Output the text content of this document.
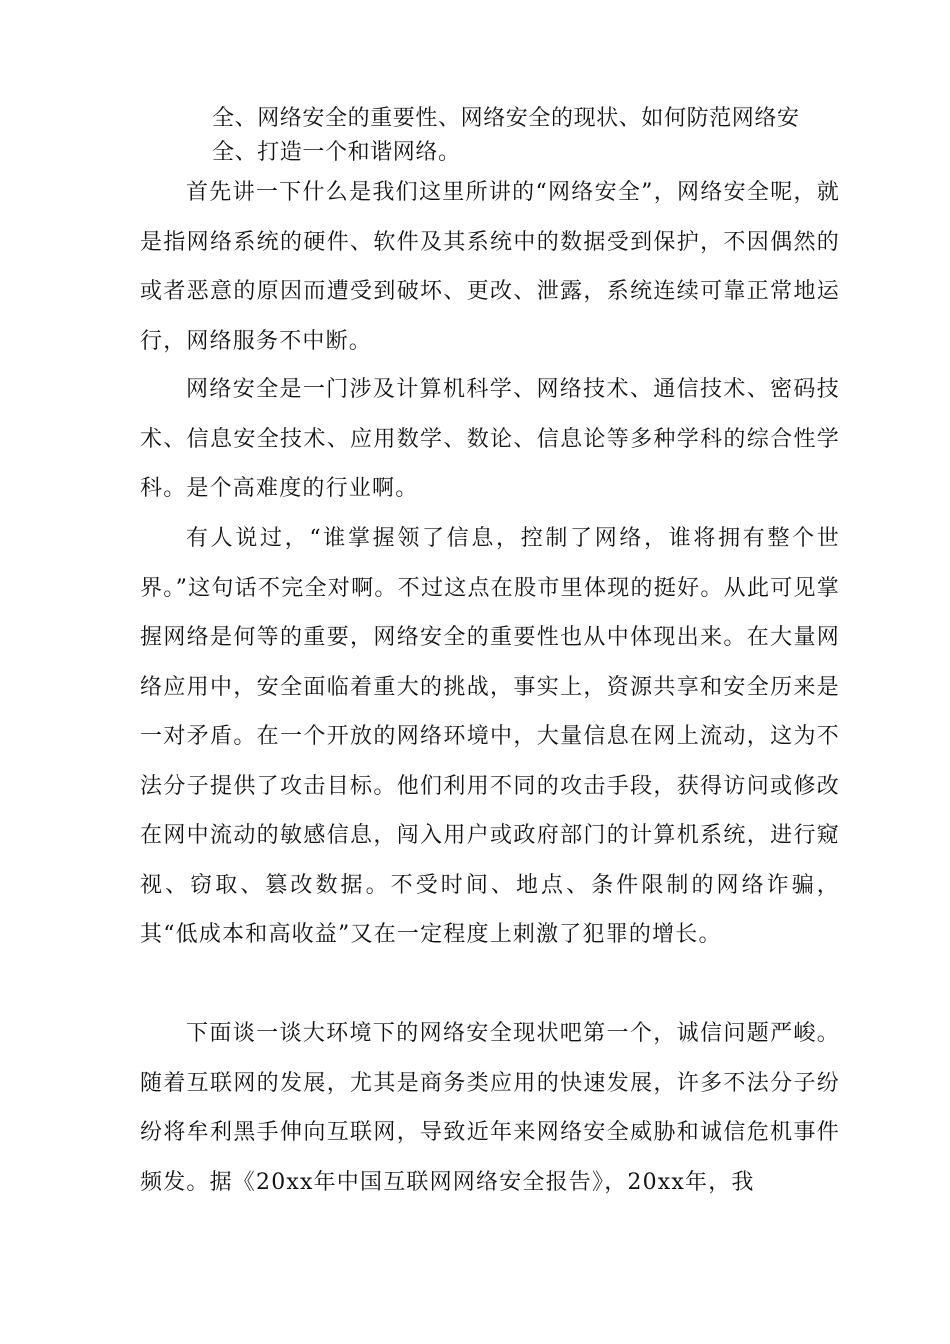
全、网络安全的重要性、网络安全的现状、如何防范网络安全、打造一个和谐网络。

首先讲一下什么是我们这里所讲的“网络安全”，网络安全呢，就是指网络系统的硬件、软件及其系统中的数据受到保护，不因偶然的或者恶意的原因而遭受到破坏、更改、泄露，系统连续可靠正常地运行，网络服务不中断。

网络安全是一门涉及计算机科学、网络技术、通信技术、密码技术、信息安全技术、应用数学、数论、信息论等多种学科的综合性学科。是个高难度的行业啊。

有人说过，“谁掌握领了信息，控制了网络，谁将拥有整个世界。”这句话不完全对啊。不过这点在股市里体现的挺好。从此可见掌握网络是何等的重要，网络安全的重要性也从中体现出来。在大量网络应用中，安全面临着重大的挑战，事实上，资源共享和安全历来是一对矛盾。在一个开放的网络环境中，大量信息在网上流动，这为不法分子提供了攻击目标。他们利用不同的攻击手段，获得访问或修改在网中流动的敏感信息，闯入用户或政府部门的计算机系统，进行窥视、窃取、篡改数据。不受时间、地点、条件限制的网络诈骗，其“低成本和高收益”又在一定程度上刺激了犯罪的增长。

下面谈一谈大环境下的网络安全现状吧第一个，诚信问题严峻。随着互联网的发展，尤其是商务类应用的快速发展，许多不法分子纷纷将牟利黑手伸向互联网，导致近年来网络安全威胁和诚信危机事件频发。据《20xx年中国互联网网络安全报告》，20xx年，我
